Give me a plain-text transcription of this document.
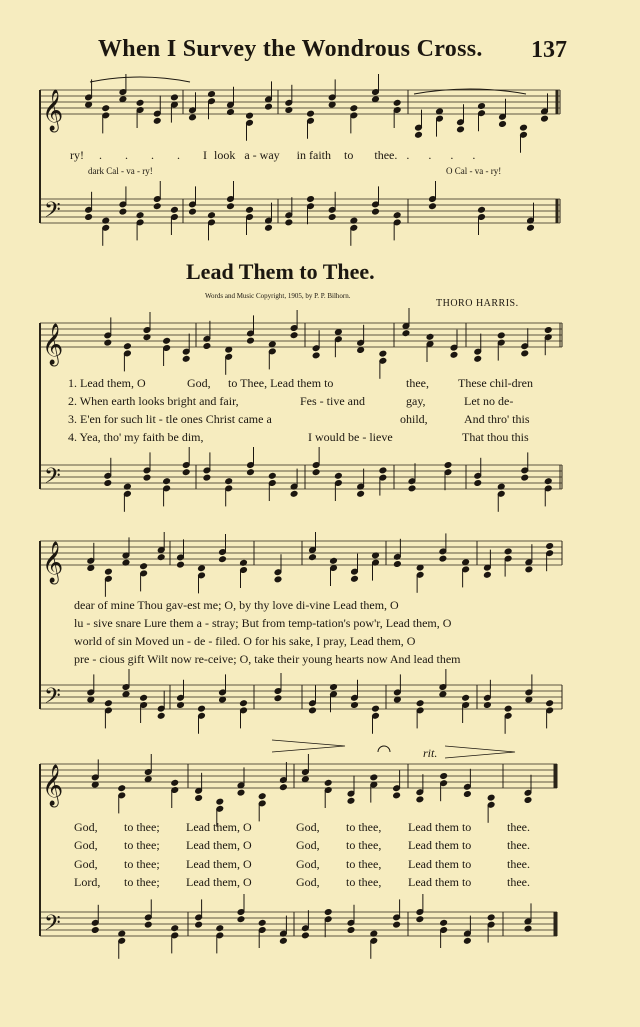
When I Survey the Wondrous Cross. 137
𝄞
𝄢
𝄞
𝄢
𝄞
𝄢
𝄞
𝄢
ry! . . . . I look a - way in faith to thee. . . . .
dark Cal - va - ry!	O Cal - va - ry!
Lead Them to Thee.
Words and Music Copyright, 1905, by P. P. Bilhorn.
THORO HARRIS.
1. Lead them, O	God, to Thee, Lead them to	thee, These chil-dren
2. When earth looks bright and fair,	Fes - tive and	gay,	Let no de-
3. E'en for such lit - tle ones Christ came a	ohild,	And thro' this
4. Yea, tho' my faith be dim,	I would be - lieve	That thou this
dear of mine Thou gav-est me; O, by thy love di-vine Lead them, O
lu - sive snare Lure them a - stray; But from temp-tation's pow'r, Lead them, O
world of sin Moved un - de - filed. O for his sake, I pray, Lead them, O
pre - cious gift Wilt now re-ceive; O, take their young hearts now And lead them
rit.
God, to thee; Lead them, O	God, to thee, Lead them to	thee.
God, to thee; Lead them, O	God, to thee, Lead them to	thee.
God, to thee; Lead them, O	God, to thee, Lead them to	thee.
Lord, to thee; Lead them, O	God, to thee, Lead them to	thee.
